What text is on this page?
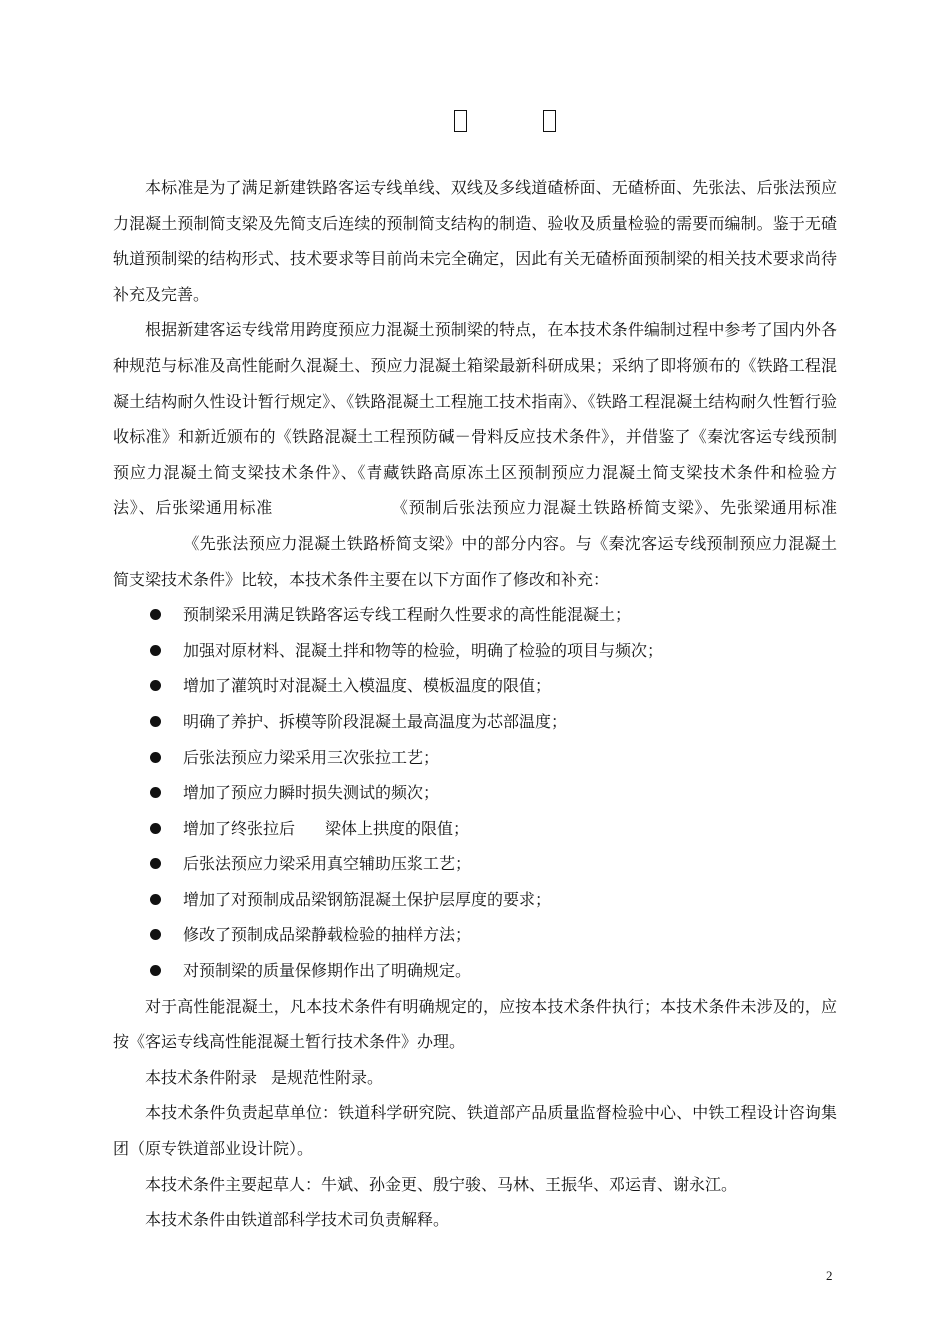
本标准是为了满足新建铁路客运专线单线、双线及多线道碴桥面、无碴桥面、先张法、后张法预应力混凝土预制简支梁及先简支后连续的预制简支结构的制造、验收及质量检验的需要而编制。鉴于无碴轨道预制梁的结构形式、技术要求等目前尚未完全确定，因此有关无碴桥面预制梁的相关技术要求尚待补充及完善。

根据新建客运专线常用跨度预应力混凝土预制梁的特点，在本技术条件编制过程中参考了国内外各种规范与标准及高性能耐久混凝土、预应力混凝土箱梁最新科研成果；采纳了即将颁布的《铁路工程混凝土结构耐久性设计暂行规定》、《铁路混凝土工程施工技术指南》、《铁路工程混凝土结构耐久性暂行验收标准》和新近颁布的《铁路混凝土工程预防碱－骨料反应技术条件》，并借鉴了《秦沈客运专线预制预应力混凝土简支梁技术条件》、《青藏铁路高原冻土区预制预应力混凝土简支梁技术条件和检验方法》、后张梁通用标准	《预制后张法预应力混凝土铁路桥简支梁》、先张梁通用标准《先张法预应力混凝土铁路桥简支梁》中的部分内容。与《秦沈客运专线预制预应力混凝土简支梁技术条件》比较，本技术条件主要在以下方面作了修改和补充：

预制梁采用满足铁路客运专线工程耐久性要求的高性能混凝土；
加强对原材料、混凝土拌和物等的检验，明确了检验的项目与频次；
增加了灌筑时对混凝土入模温度、模板温度的限值；
明确了养护、拆模等阶段混凝土最高温度为芯部温度；
后张法预应力梁采用三次张拉工艺；
增加了预应力瞬时损失测试的频次；
增加了终张拉后 梁体上拱度的限值；
后张法预应力梁采用真空辅助压浆工艺；
增加了对预制成品梁钢筋混凝土保护层厚度的要求；
修改了预制成品梁静载检验的抽样方法；
对预制梁的质量保修期作出了明确规定。

对于高性能混凝土，凡本技术条件有明确规定的，应按本技术条件执行；本技术条件未涉及的，应按《客运专线高性能混凝土暂行技术条件》办理。

本技术条件附录 是规范性附录。

本技术条件负责起草单位：铁道科学研究院、铁道部产品质量监督检验中心、中铁工程设计咨询集团（原专铁道部业设计院）。

本技术条件主要起草人：牛斌、孙金更、殷宁骏、马林、王振华、邓运青、谢永江。

本技术条件由铁道部科学技术司负责解释。

2
